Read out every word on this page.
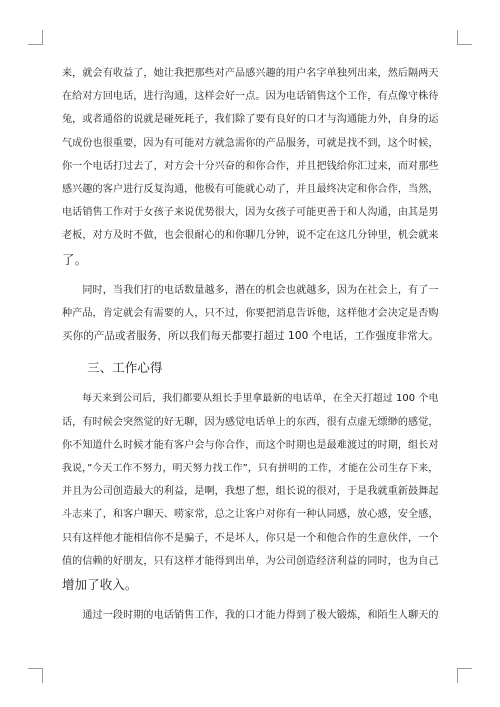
来，就会有收益了，她让我把那些对产品感兴趣的用户名字单独列出来，然后隔两天
在给对方回电话，进行沟通，这样会好一点。因为电话销售这个工作，有点像守株待
兔，或者通俗的说就是碰死耗子，我们除了要有良好的口才与沟通能力外，自身的运
气成份也很重要，因为有可能对方就急需你的产品服务，可就是找不到，这个时候，
你一个电话打过去了，对方会十分兴奋的和你合作，并且把钱给你汇过来，而对那些
感兴趣的客户进行反复沟通，他极有可能就心动了，并且最终决定和你合作，当然，
电话销售工作对于女孩子来说优势很大，因为女孩子可能更善于和人沟通，由其是男
老板，对方及时不做，也会很耐心的和你聊几分钟，说不定在这几分钟里，机会就来
了。
　　同时，当我们打的电话数量越多，潜在的机会也就越多，因为在社会上，有了一
种产品，肯定就会有需要的人，只不过，你要把消息告诉他，这样他才会决定是否购
买你的产品或者服务，所以我们每天都要打超过 100 个电话，工作强度非常大。
　　三、工作心得
　　每天来到公司后，我们都要从组长手里拿最新的电话单，在全天打超过 100 个电
话，有时候会突然觉的好无聊，因为感觉电话单上的东西，很有点虚无缥缈的感觉，
你不知道什么时候才能有客户会与你合作，而这个时期也是最难渡过的时期，组长对
我说，”今天工作不努力，明天努力找工作”，只有拼明的工作，才能在公司生存下来，
并且为公司创造最大的利益，是啊，我想了想，组长说的很对，于是我就重新鼓舞起
斗志来了，和客户聊天、唠家常，总之让客户对你有一种认同感，放心感，安全感，
只有这样他才能相信你不是骗子，不是坏人，你只是一个和他合作的生意伙伴，一个
值的信赖的好朋友，只有这样才能得到出单，为公司创造经济利益的同时，也为自己
增加了收入。
　　通过一段时期的电话销售工作，我的口才能力得到了极大锻炼，和陌生人聊天的
